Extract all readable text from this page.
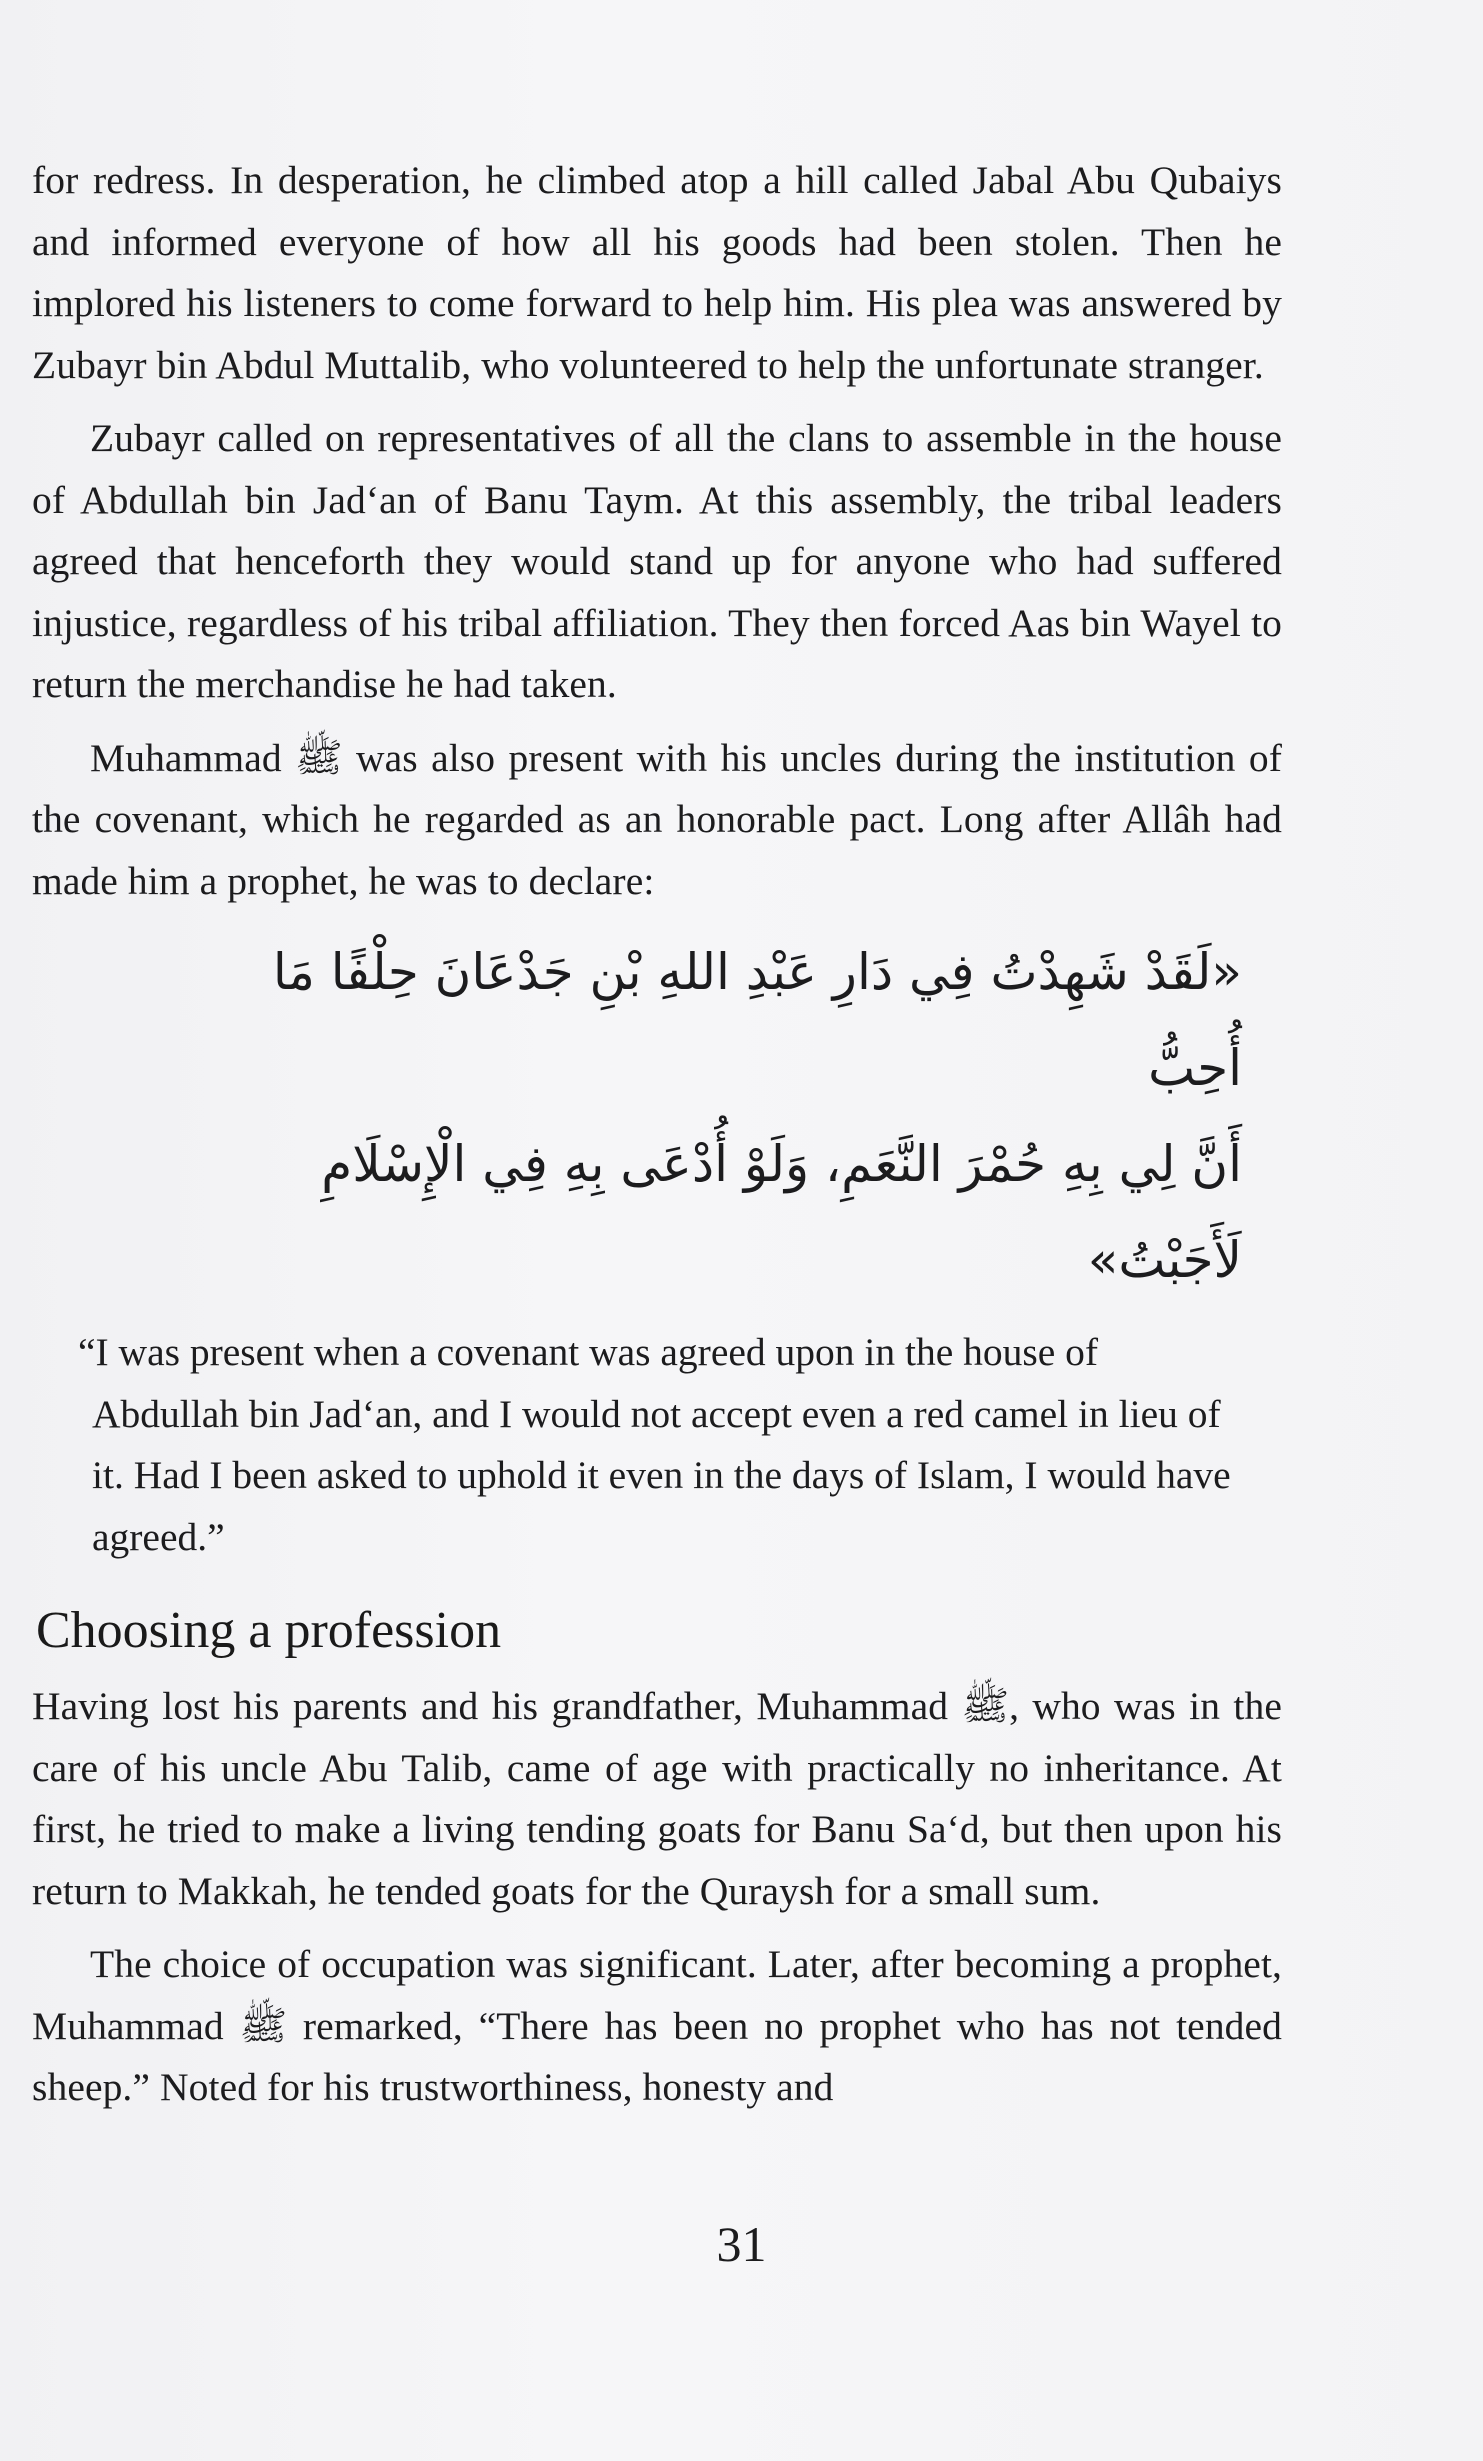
for redress. In desperation, he climbed atop a hill called Jabal Abu Qubaiys and informed everyone of how all his goods had been stolen. Then he implored his listeners to come forward to help him. His plea was answered by Zubayr bin Abdul Muttalib, who volunteered to help the unfortunate stranger.

Zubayr called on representatives of all the clans to assemble in the house of Abdullah bin Jad‘an of Banu Taym. At this assembly, the tribal leaders agreed that henceforth they would stand up for anyone who had suffered injustice, regardless of his tribal affiliation. They then forced Aas bin Wayel to return the merchandise he had taken.

Muhammad ﷺ was also present with his uncles during the institution of the covenant, which he regarded as an honorable pact. Long after Allâh had made him a prophet, he was to declare:

«لَقَدْ شَهِدْتُ فِي دَارِ عَبْدِ اللهِ بْنِ جَدْعَانَ حِلْفًا مَا أُحِبُّ
أَنَّ لِي بِهِ حُمْرَ النَّعَمِ، وَلَوْ أُدْعَى بِهِ فِي الْإِسْلَامِ لَأَجَبْتُ»

“I was present when a covenant was agreed upon in the house of Abdullah bin Jad‘an, and I would not accept even a red camel in lieu of it. Had I been asked to uphold it even in the days of Islam, I would have agreed.”

Choosing a profession

Having lost his parents and his grandfather, Muhammad ﷺ, who was in the care of his uncle Abu Talib, came of age with practically no inheritance. At first, he tried to make a living tending goats for Banu Sa‘d, but then upon his return to Makkah, he tended goats for the Quraysh for a small sum.

The choice of occupation was significant. Later, after becoming a prophet, Muhammad ﷺ remarked, “There has been no prophet who has not tended sheep.” Noted for his trustworthiness, honesty and

31
